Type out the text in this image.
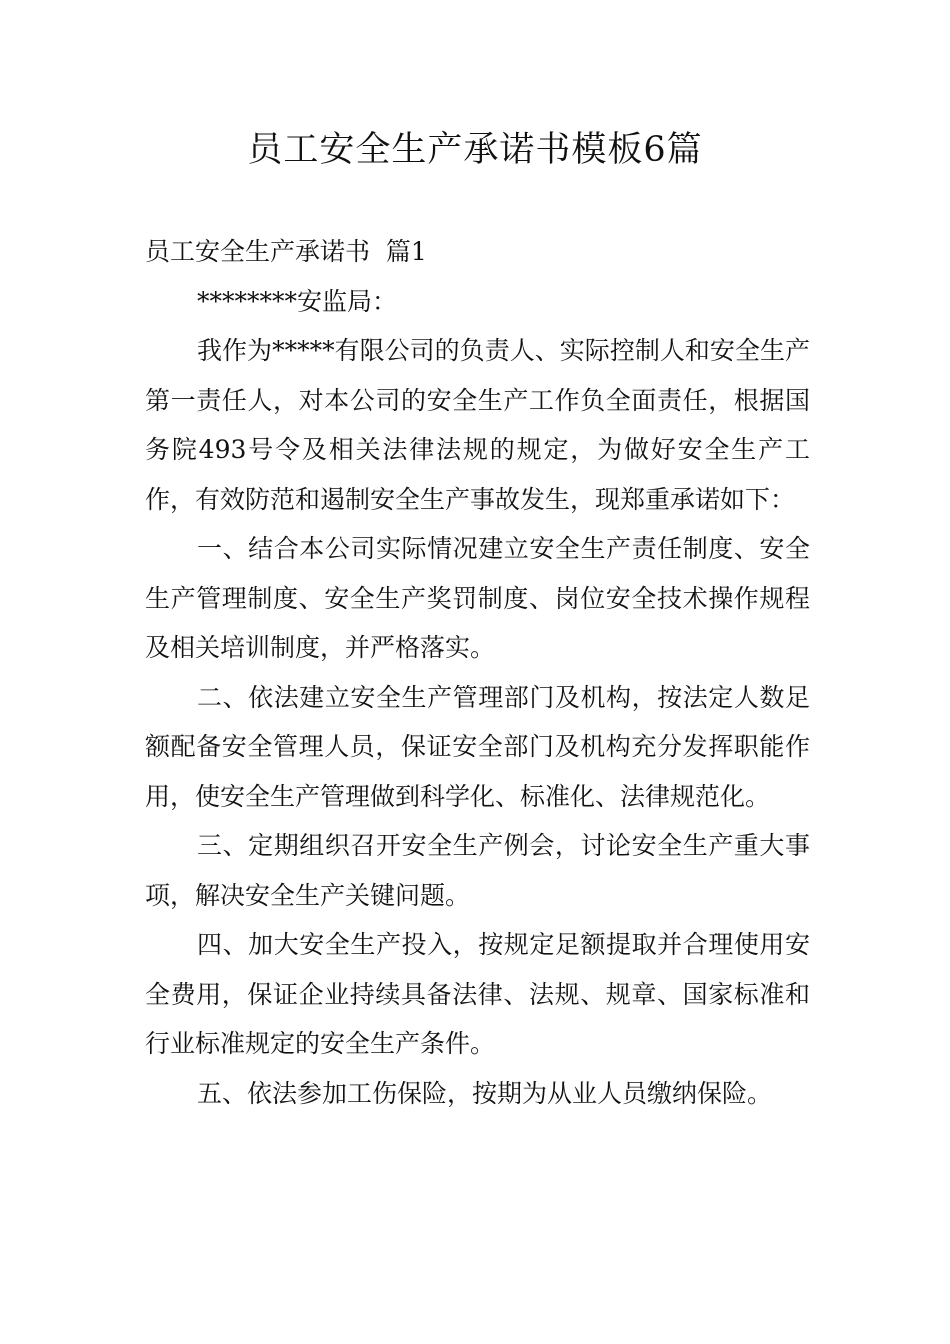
员工安全生产承诺书模板6篇

员工安全生产承诺书  篇1

********安监局：

我作为*****有限公司的负责人、实际控制人和安全生产第一责任人，对本公司的安全生产工作负全面责任，根据国务院493号令及相关法律法规的规定，为做好安全生产工作，有效防范和遏制安全生产事故发生，现郑重承诺如下：

一、结合本公司实际情况建立安全生产责任制度、安全生产管理制度、安全生产奖罚制度、岗位安全技术操作规程及相关培训制度，并严格落实。

二、依法建立安全生产管理部门及机构，按法定人数足额配备安全管理人员，保证安全部门及机构充分发挥职能作用，使安全生产管理做到科学化、标准化、法律规范化。

三、定期组织召开安全生产例会，讨论安全生产重大事项，解决安全生产关键问题。

四、加大安全生产投入，按规定足额提取并合理使用安全费用，保证企业持续具备法律、法规、规章、国家标准和行业标准规定的安全生产条件。

五、依法参加工伤保险，按期为从业人员缴纳保险。
